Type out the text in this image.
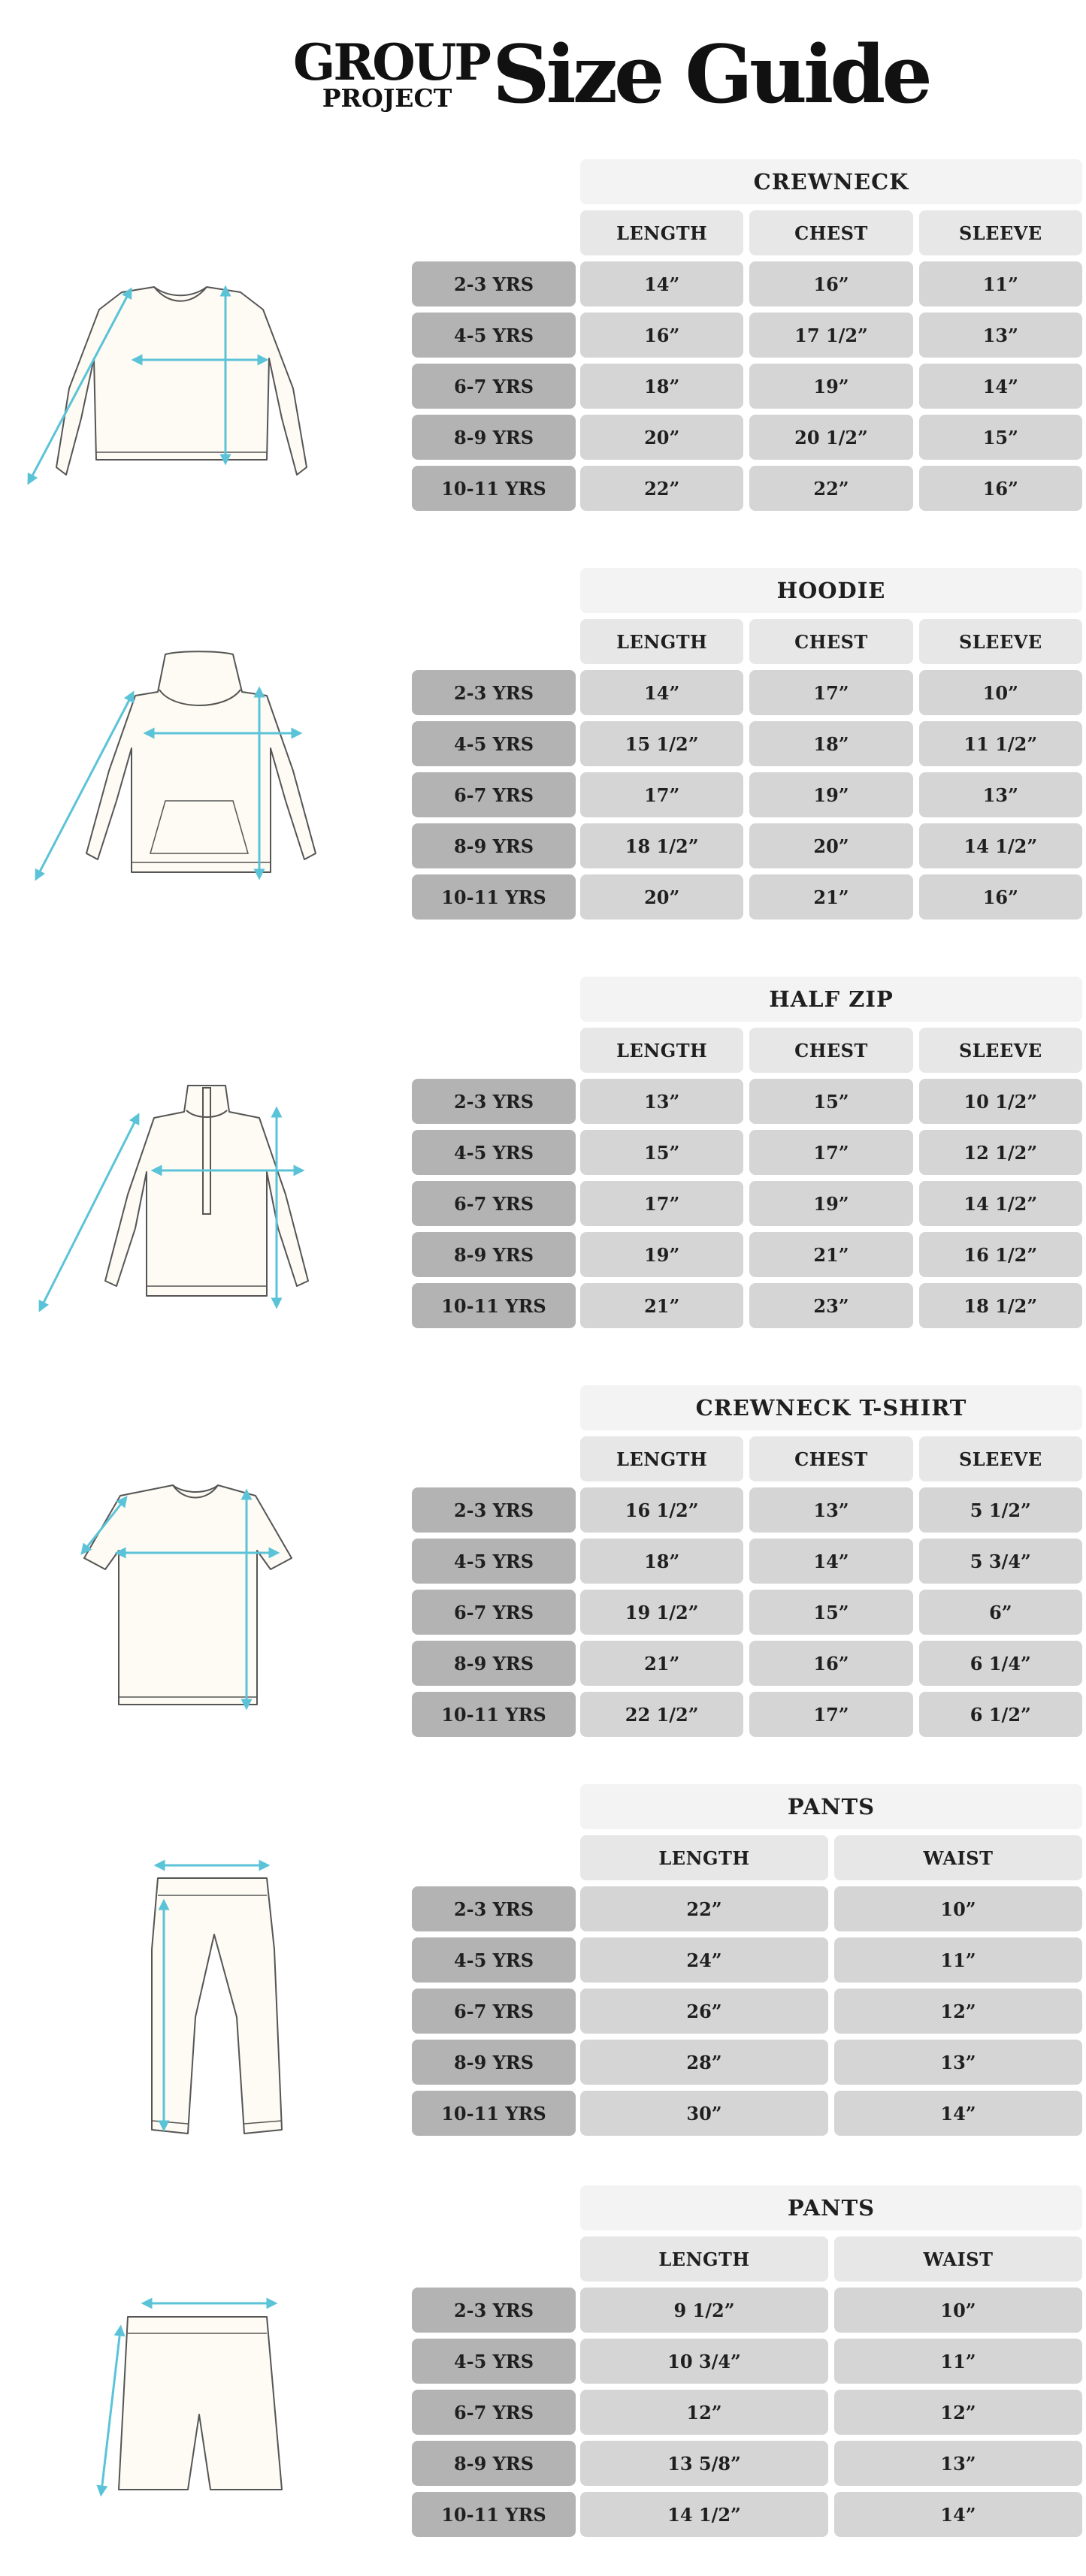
GROUP
PROJECT Size Guide
CREWNECK
LENGTH	CHEST	SLEEVE
2-3 YRS	14”	16”	11”
4-5 YRS	16”	17 1/2”	13”
6-7 YRS	18”	19”	14”
8-9 YRS	20”	20 1/2”	15”
10-11 YRS	22”	22”	16”
HOODIE
LENGTH	CHEST	SLEEVE
2-3 YRS	14”	17”	10”
4-5 YRS	15 1/2”	18”	11 1/2”
6-7 YRS	17”	19”	13”
8-9 YRS	18 1/2”	20”	14 1/2”
10-11 YRS	20”	21”	16”
HALF ZIP
LENGTH	CHEST	SLEEVE
2-3 YRS	13”	15”	10 1/2”
4-5 YRS	15”	17”	12 1/2”
6-7 YRS	17”	19”	14 1/2”
8-9 YRS	19”	21”	16 1/2”
10-11 YRS	21”	23”	18 1/2”
CREWNECK T-SHIRT
LENGTH	CHEST	SLEEVE
2-3 YRS	16 1/2”	13”	5 1/2”
4-5 YRS	18”	14”	5 3/4”
6-7 YRS	19 1/2”	15”	6”
8-9 YRS	21”	16”	6 1/4”
10-11 YRS	22 1/2”	17”	6 1/2”
PANTS
LENGTH	WAIST
2-3 YRS	22”	10”
4-5 YRS	24”	11”
6-7 YRS	26”	12”
8-9 YRS	28”	13”
10-11 YRS	30”	14”
PANTS
LENGTH	WAIST
2-3 YRS	9 1/2”	10”
4-5 YRS	10 3/4”	11”
6-7 YRS	12”	12”
8-9 YRS	13 5/8”	13”
10-11 YRS	14 1/2”	14”
